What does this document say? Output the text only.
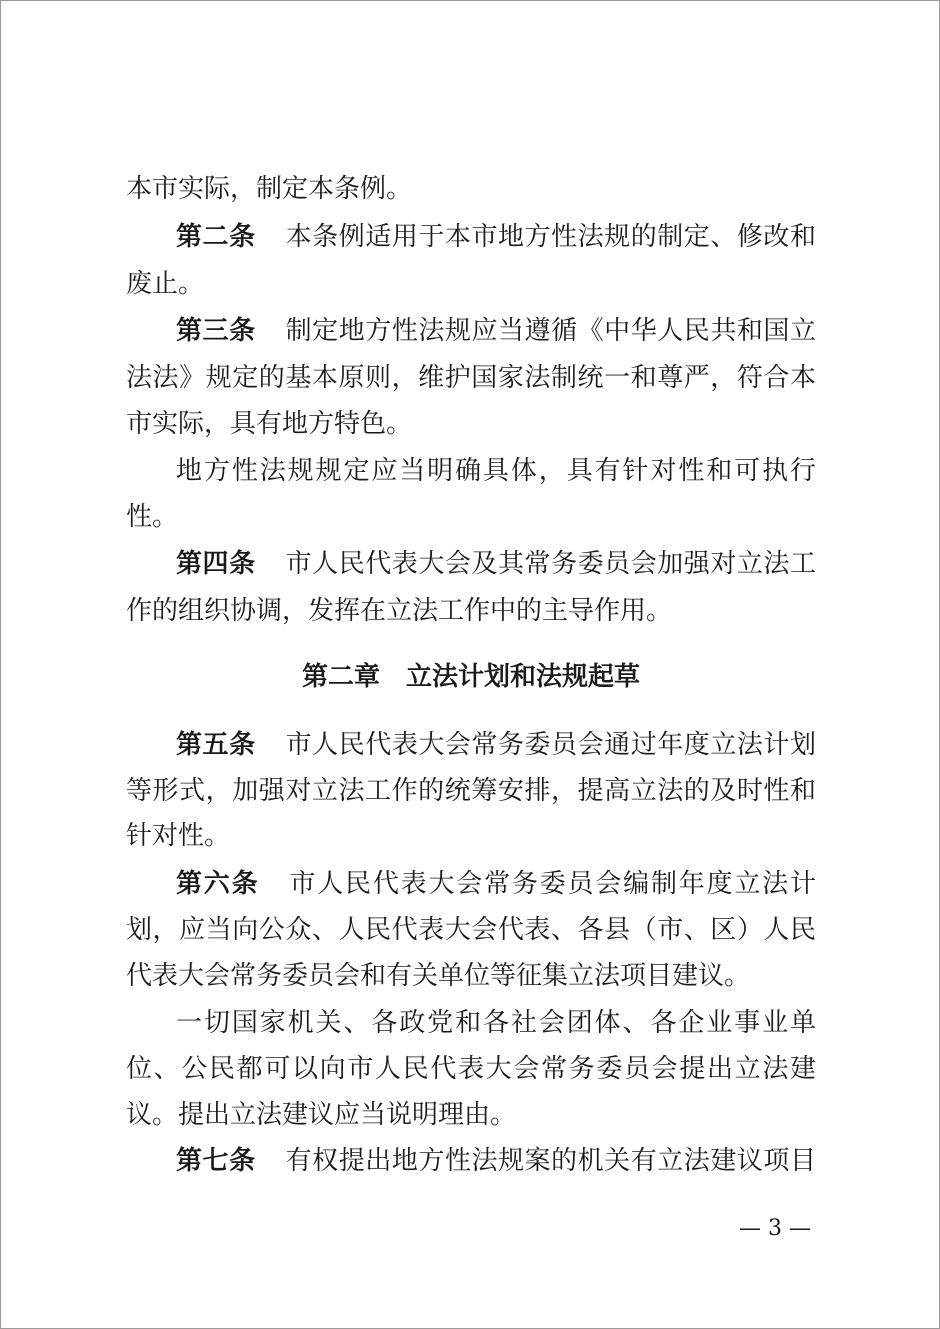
本市实际，制定本条例。
第二条 本条例适用于本市地方性法规的制定、修改和
废止。
第三条 制定地方性法规应当遵循《中华人民共和国立
法法》规定的基本原则，维护国家法制统一和尊严，符合本
市实际，具有地方特色。
地方性法规规定应当明确具体，具有针对性和可执行
性。
第四条 市人民代表大会及其常务委员会加强对立法工
作的组织协调，发挥在立法工作中的主导作用。
第二章　立法计划和法规起草
第五条 市人民代表大会常务委员会通过年度立法计划
等形式，加强对立法工作的统筹安排，提高立法的及时性和
针对性。
第六条 市人民代表大会常务委员会编制年度立法计
划，应当向公众、人民代表大会代表、各县（市、区）人民
代表大会常务委员会和有关单位等征集立法项目建议。
一切国家机关、各政党和各社会团体、各企业事业单
位、公民都可以向市人民代表大会常务委员会提出立法建
议。提出立法建议应当说明理由。
第七条 有权提出地方性法规案的机关有立法建议项目
— 3 —
